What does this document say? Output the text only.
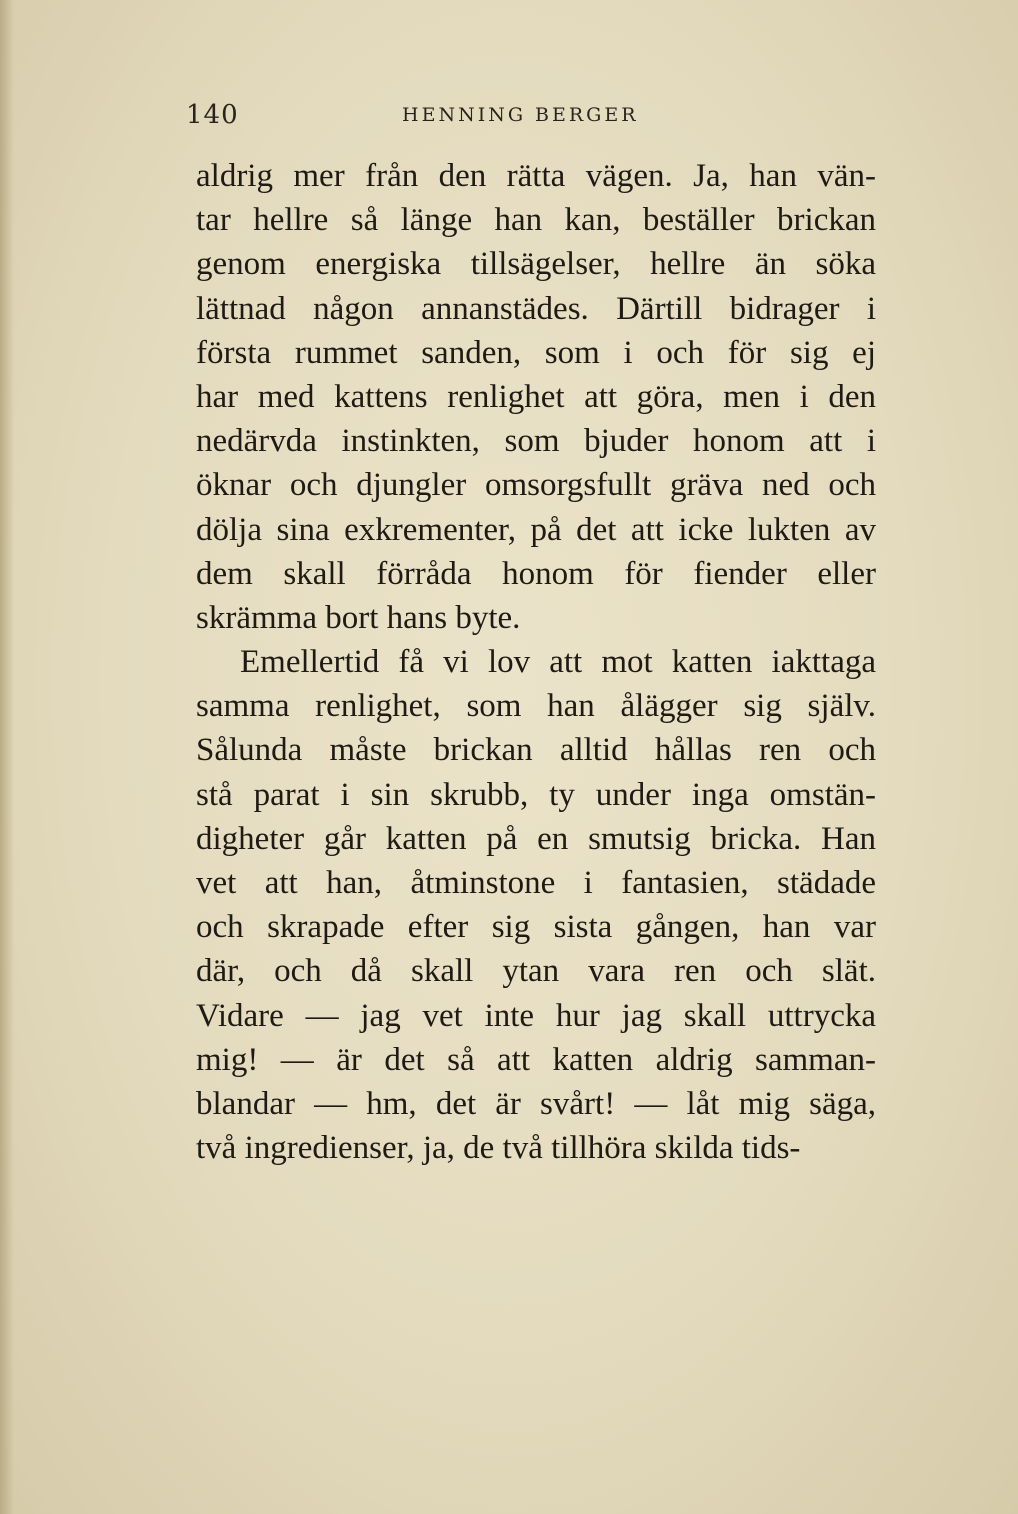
140	HENNING BERGER
aldrig mer från den rätta vägen. Ja, han vän-
tar hellre så länge han kan, beställer brickan
genom energiska tillsägelser, hellre än söka
lättnad någon annanstädes. Därtill bidrager i
första rummet sanden, som i och för sig ej
har med kattens renlighet att göra, men i den
nedärvda instinkten, som bjuder honom att i
öknar och djungler omsorgsfullt gräva ned och
dölja sina exkrementer, på det att icke lukten av
dem skall förråda honom för fiender eller
skrämma bort hans byte.
Emellertid få vi lov att mot katten iakttaga
samma renlighet, som han ålägger sig själv.
Sålunda måste brickan alltid hållas ren och
stå parat i sin skrubb, ty under inga omstän-
digheter går katten på en smutsig bricka. Han
vet att han, åtminstone i fantasien, städade
och skrapade efter sig sista gången, han var
där, och då skall ytan vara ren och slät.
Vidare — jag vet inte hur jag skall uttrycka
mig! — är det så att katten aldrig samman-
blandar — hm, det är svårt! — låt mig säga,
två ingredienser, ja, de två tillhöra skilda tids-
